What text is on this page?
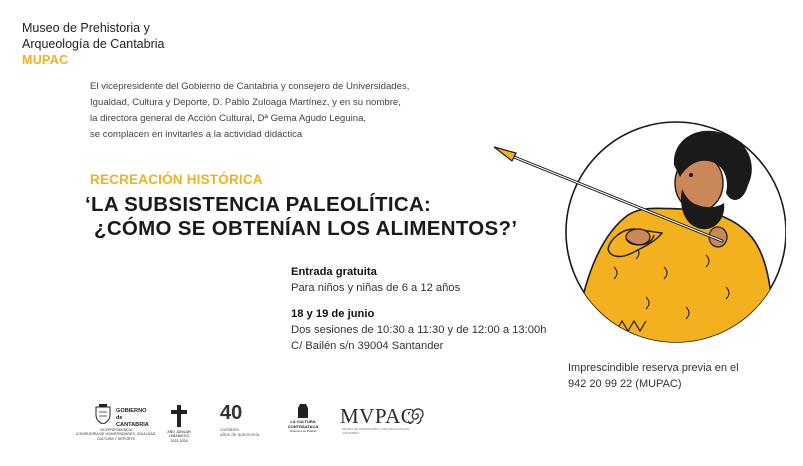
Museo de Prehistoria y
Arqueología de Cantabria
MUPAC
El vicepresidente del Gobierno de Cantabria y consejero de Universidades,
Igualdad, Cultura y Deporte, D. Pablo Zuloaga Martínez, y en su nombre,
la directora general de Acción Cultural, Dª Gema Agudo Leguina,
se complacen en invitarles a la actividad didáctica
RECREACIÓN HISTÓRICA
‘LA SUBSISTENCIA PALEOLÍTICA:
¿CÓMO SE OBTENÍAN LOS ALIMENTOS?’
Entrada gratuita
Para niños y niñas de 6 a 12 años
18 y 19 de junio
Dos sesiones de 10:30 a 11:30 y de 12:00 a 13:00h
C/ Bailén s/n 39004 Santander
Imprescindible reserva previa en el
942 20 99 22 (MUPAC)
GOBIERNO
de
CANTABRIA
VICEPRESIDENCIA
CONSEJERÍA DE UNIVERSIDADES, IGUALDAD,
CULTURA Y DEPORTE
AÑO JUBILAR
LEBANIEGO
2023-2024
40
cantabria
años de autonomía
LA CULTURA
CONTRAATACA
Orienta a su Pueblo
MVPAC
MUSEO DE PREHISTORIA Y ARQUEOLOGÍA DE CANTABRIA
